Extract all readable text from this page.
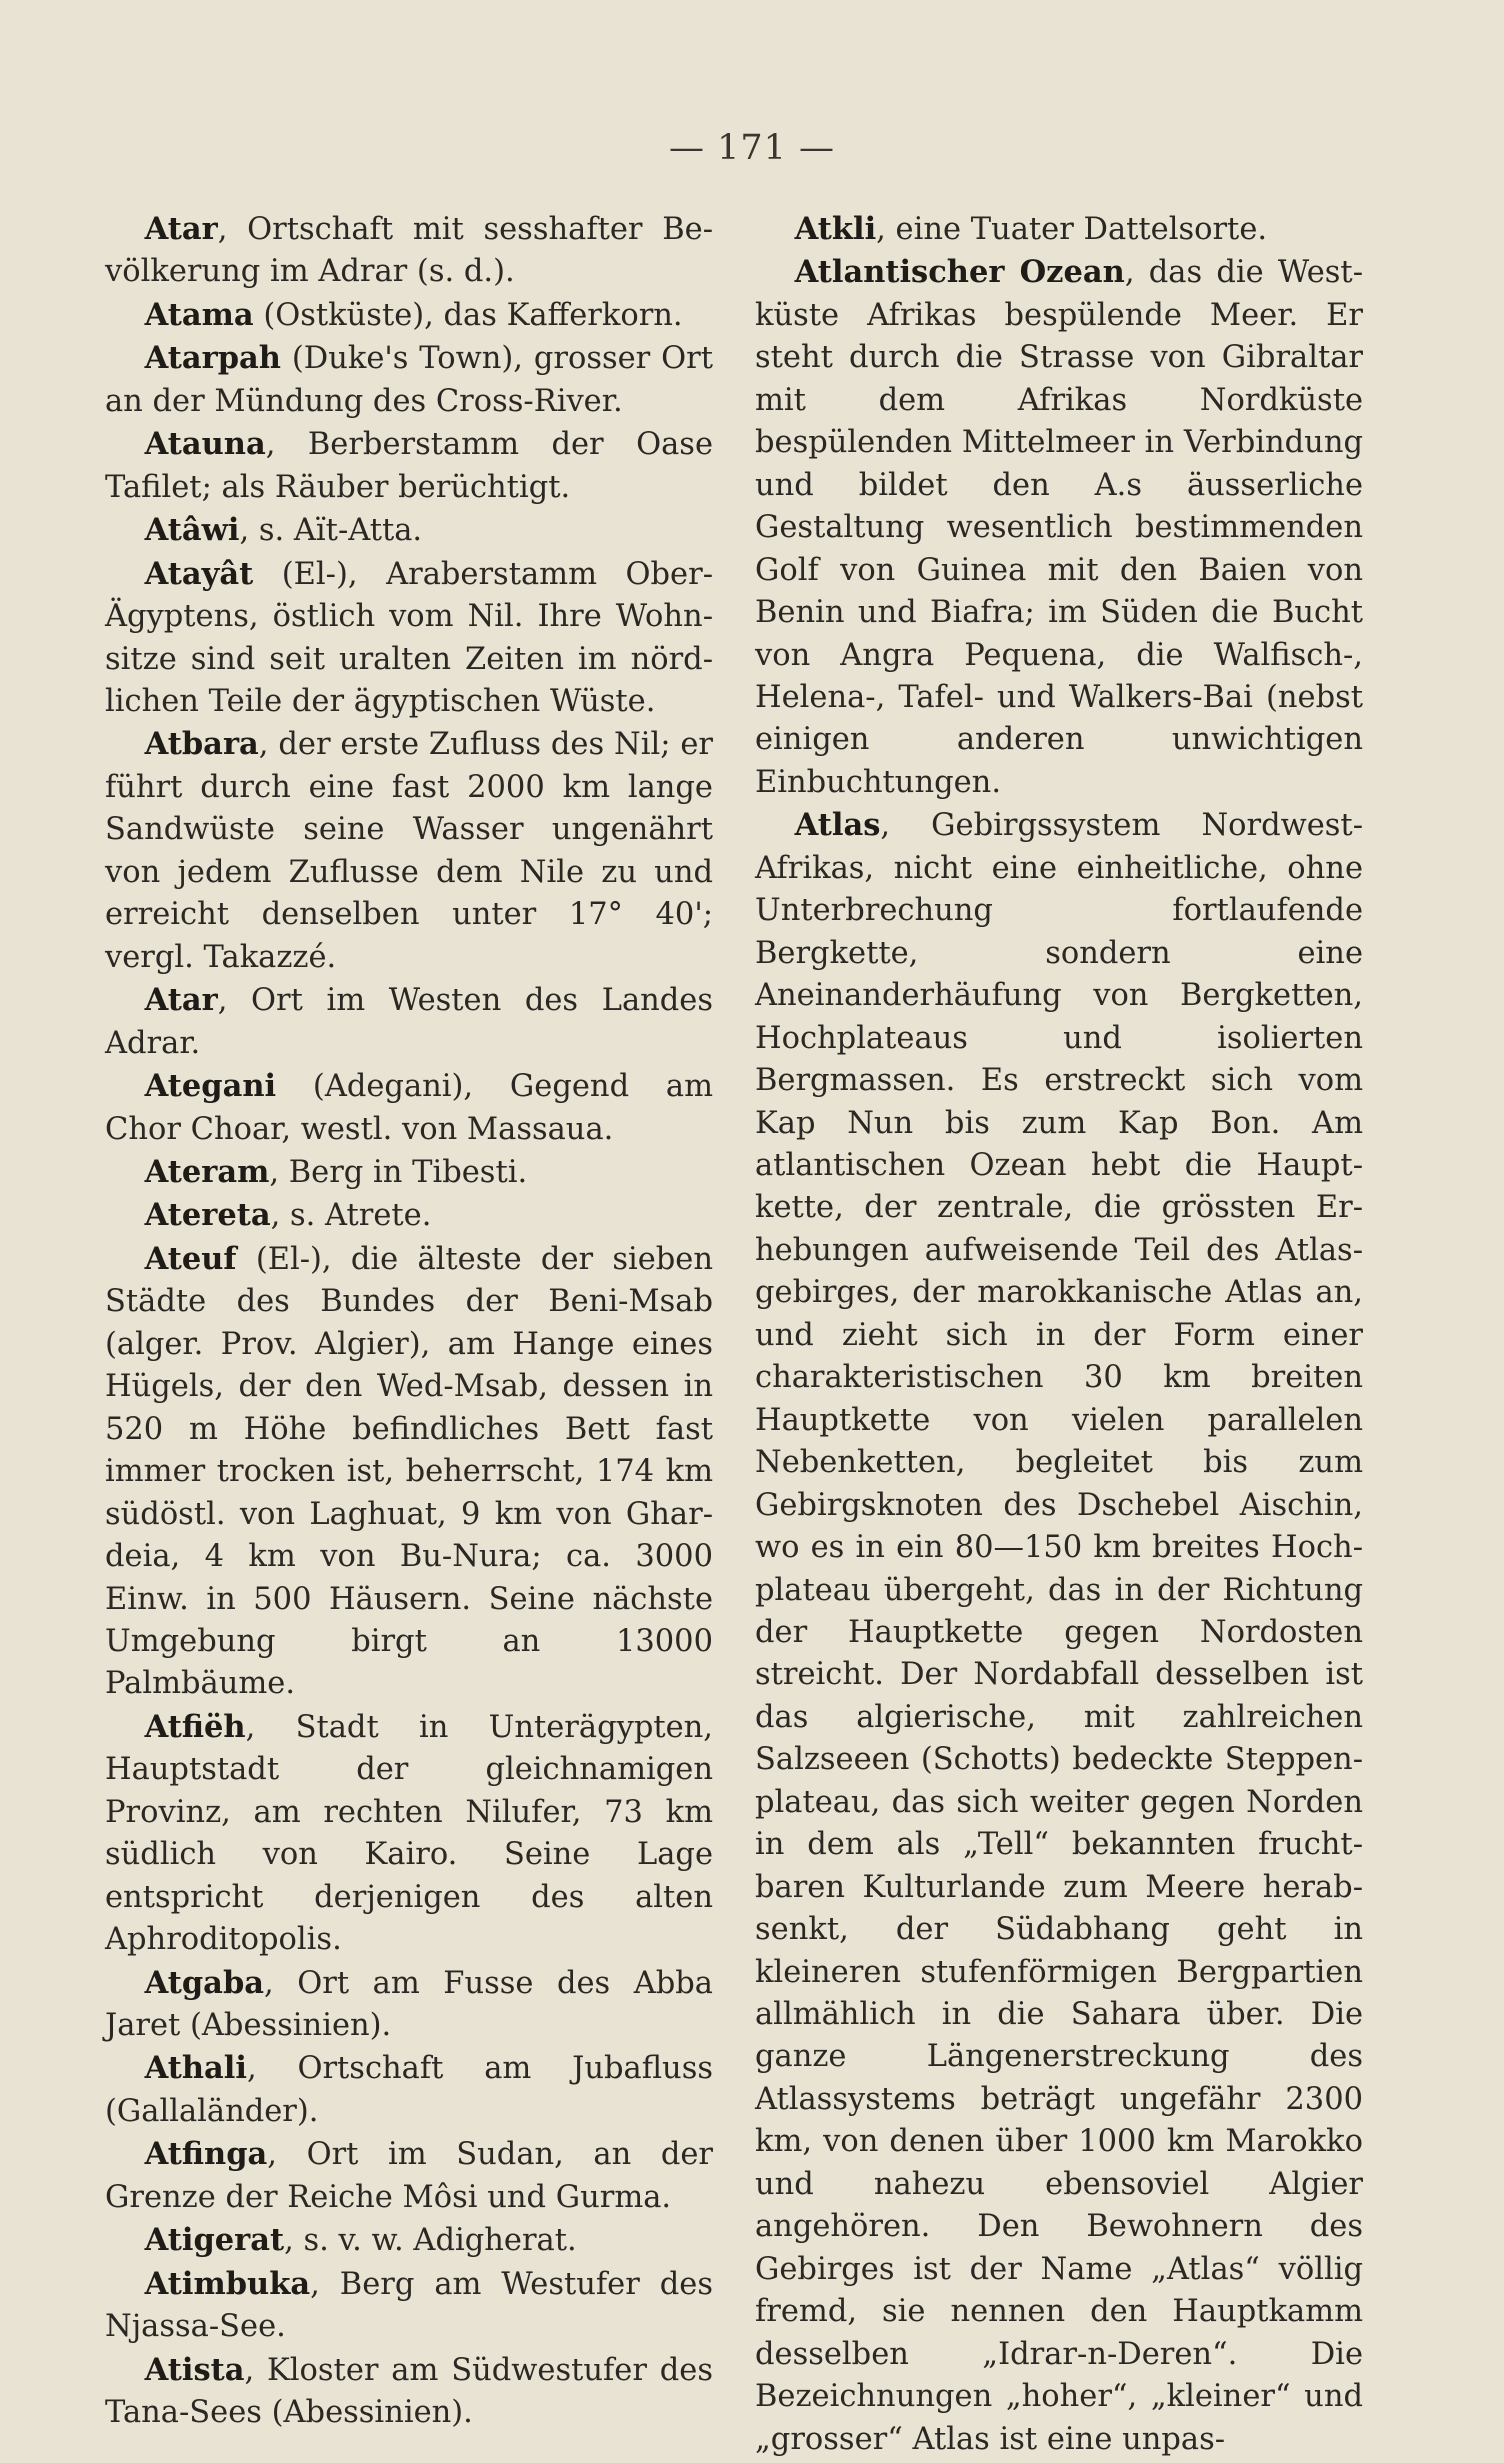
— 171 —

Atar, Ortschaft mit sesshafter Bevölkerung im Adrar (s. d.).

Atama (Ostküste), das Kafferkorn.

Atarpah (Duke's Town), grosser Ort an der Mündung des Cross-River.

Atauna, Berberstamm der Oase Tafilet; als Räuber berüchtigt.

Atâwi, s. Aït-Atta.

Atayât (El-), Araberstamm Ober-Ägyptens, östlich vom Nil. Ihre Wohnsitze sind seit uralten Zeiten im nördlichen Teile der ägyptischen Wüste.

Atbara, der erste Zufluss des Nil; er führt durch eine fast 2000 km lange Sandwüste seine Wasser ungenährt von jedem Zuflusse dem Nile zu und erreicht denselben unter 17° 40'; vergl. Takazzé.

Atar, Ort im Westen des Landes Adrar.

Ategani (Adegani), Gegend am Chor Choar, westl. von Massaua.

Ateram, Berg in Tibesti.

Atereta, s. Atrete.

Ateuf (El-), die älteste der sieben Städte des Bundes der Beni-Msab (alger. Prov. Algier), am Hange eines Hügels, der den Wed-Msab, dessen in 520 m Höhe befindliches Bett fast immer trocken ist, beherrscht, 174 km südöstl. von Laghuat, 9 km von Ghardeia, 4 km von Bu-Nura; ca. 3000 Einw. in 500 Häusern. Seine nächste Umgebung birgt an 13000 Palmbäume.

Atfiëh, Stadt in Unterägypten, Hauptstadt der gleichnamigen Provinz, am rechten Nilufer, 73 km südlich von Kairo. Seine Lage entspricht derjenigen des alten Aphroditopolis.

Atgaba, Ort am Fusse des Abba Jaret (Abessinien).

Athali, Ortschaft am Jubafluss (Gallaländer).

Atfinga, Ort im Sudan, an der Grenze der Reiche Môsi und Gurma.

Atigerat, s. v. w. Adigherat.

Atimbuka, Berg am Westufer des Njassa-See.

Atista, Kloster am Südwestufer des Tana-Sees (Abessinien).

Atkli, eine Tuater Dattelsorte.

Atlantischer Ozean, das die Westküste Afrikas bespülende Meer. Er steht durch die Strasse von Gibraltar mit dem Afrikas Nordküste bespülenden Mittelmeer in Verbindung und bildet den A.s äusserliche Gestaltung wesentlich bestimmenden Golf von Guinea mit den Baien von Benin und Biafra; im Süden die Bucht von Angra Pequena, die Walfisch-, Helena-, Tafel- und Walkers-Bai (nebst einigen anderen unwichtigen Einbuchtungen.

Atlas, Gebirgssystem Nordwest-Afrikas, nicht eine einheitliche, ohne Unterbrechung fortlaufende Bergkette, sondern eine Aneinanderhäufung von Bergketten, Hochplateaus und isolierten Bergmassen. Es erstreckt sich vom Kap Nun bis zum Kap Bon. Am atlantischen Ozean hebt die Hauptkette, der zentrale, die grössten Erhebungen aufweisende Teil des Atlasgebirges, der marokkanische Atlas an, und zieht sich in der Form einer charakteristischen 30 km breiten Hauptkette von vielen parallelen Nebenketten, begleitet bis zum Gebirgsknoten des Dschebel Aischin, wo es in ein 80—150 km breites Hochplateau übergeht, das in der Richtung der Hauptkette gegen Nordosten streicht. Der Nordabfall desselben ist das algierische, mit zahlreichen Salzseeen (Schotts) bedeckte Steppenplateau, das sich weiter gegen Norden in dem als „Tell“ bekannten fruchtbaren Kulturlande zum Meere herabsenkt, der Südabhang geht in kleineren stufenförmigen Bergpartien allmählich in die Sahara über. Die ganze Längenerstreckung des Atlassystems beträgt ungefähr 2300 km, von denen über 1000 km Marokko und nahezu ebensoviel Algier angehören. Den Bewohnern des Gebirges ist der Name „Atlas“ völlig fremd, sie nennen den Hauptkamm desselben „Idrar-n-Deren“. Die Bezeichnungen „hoher“, „kleiner“ und „grosser“ Atlas ist eine unpas-
